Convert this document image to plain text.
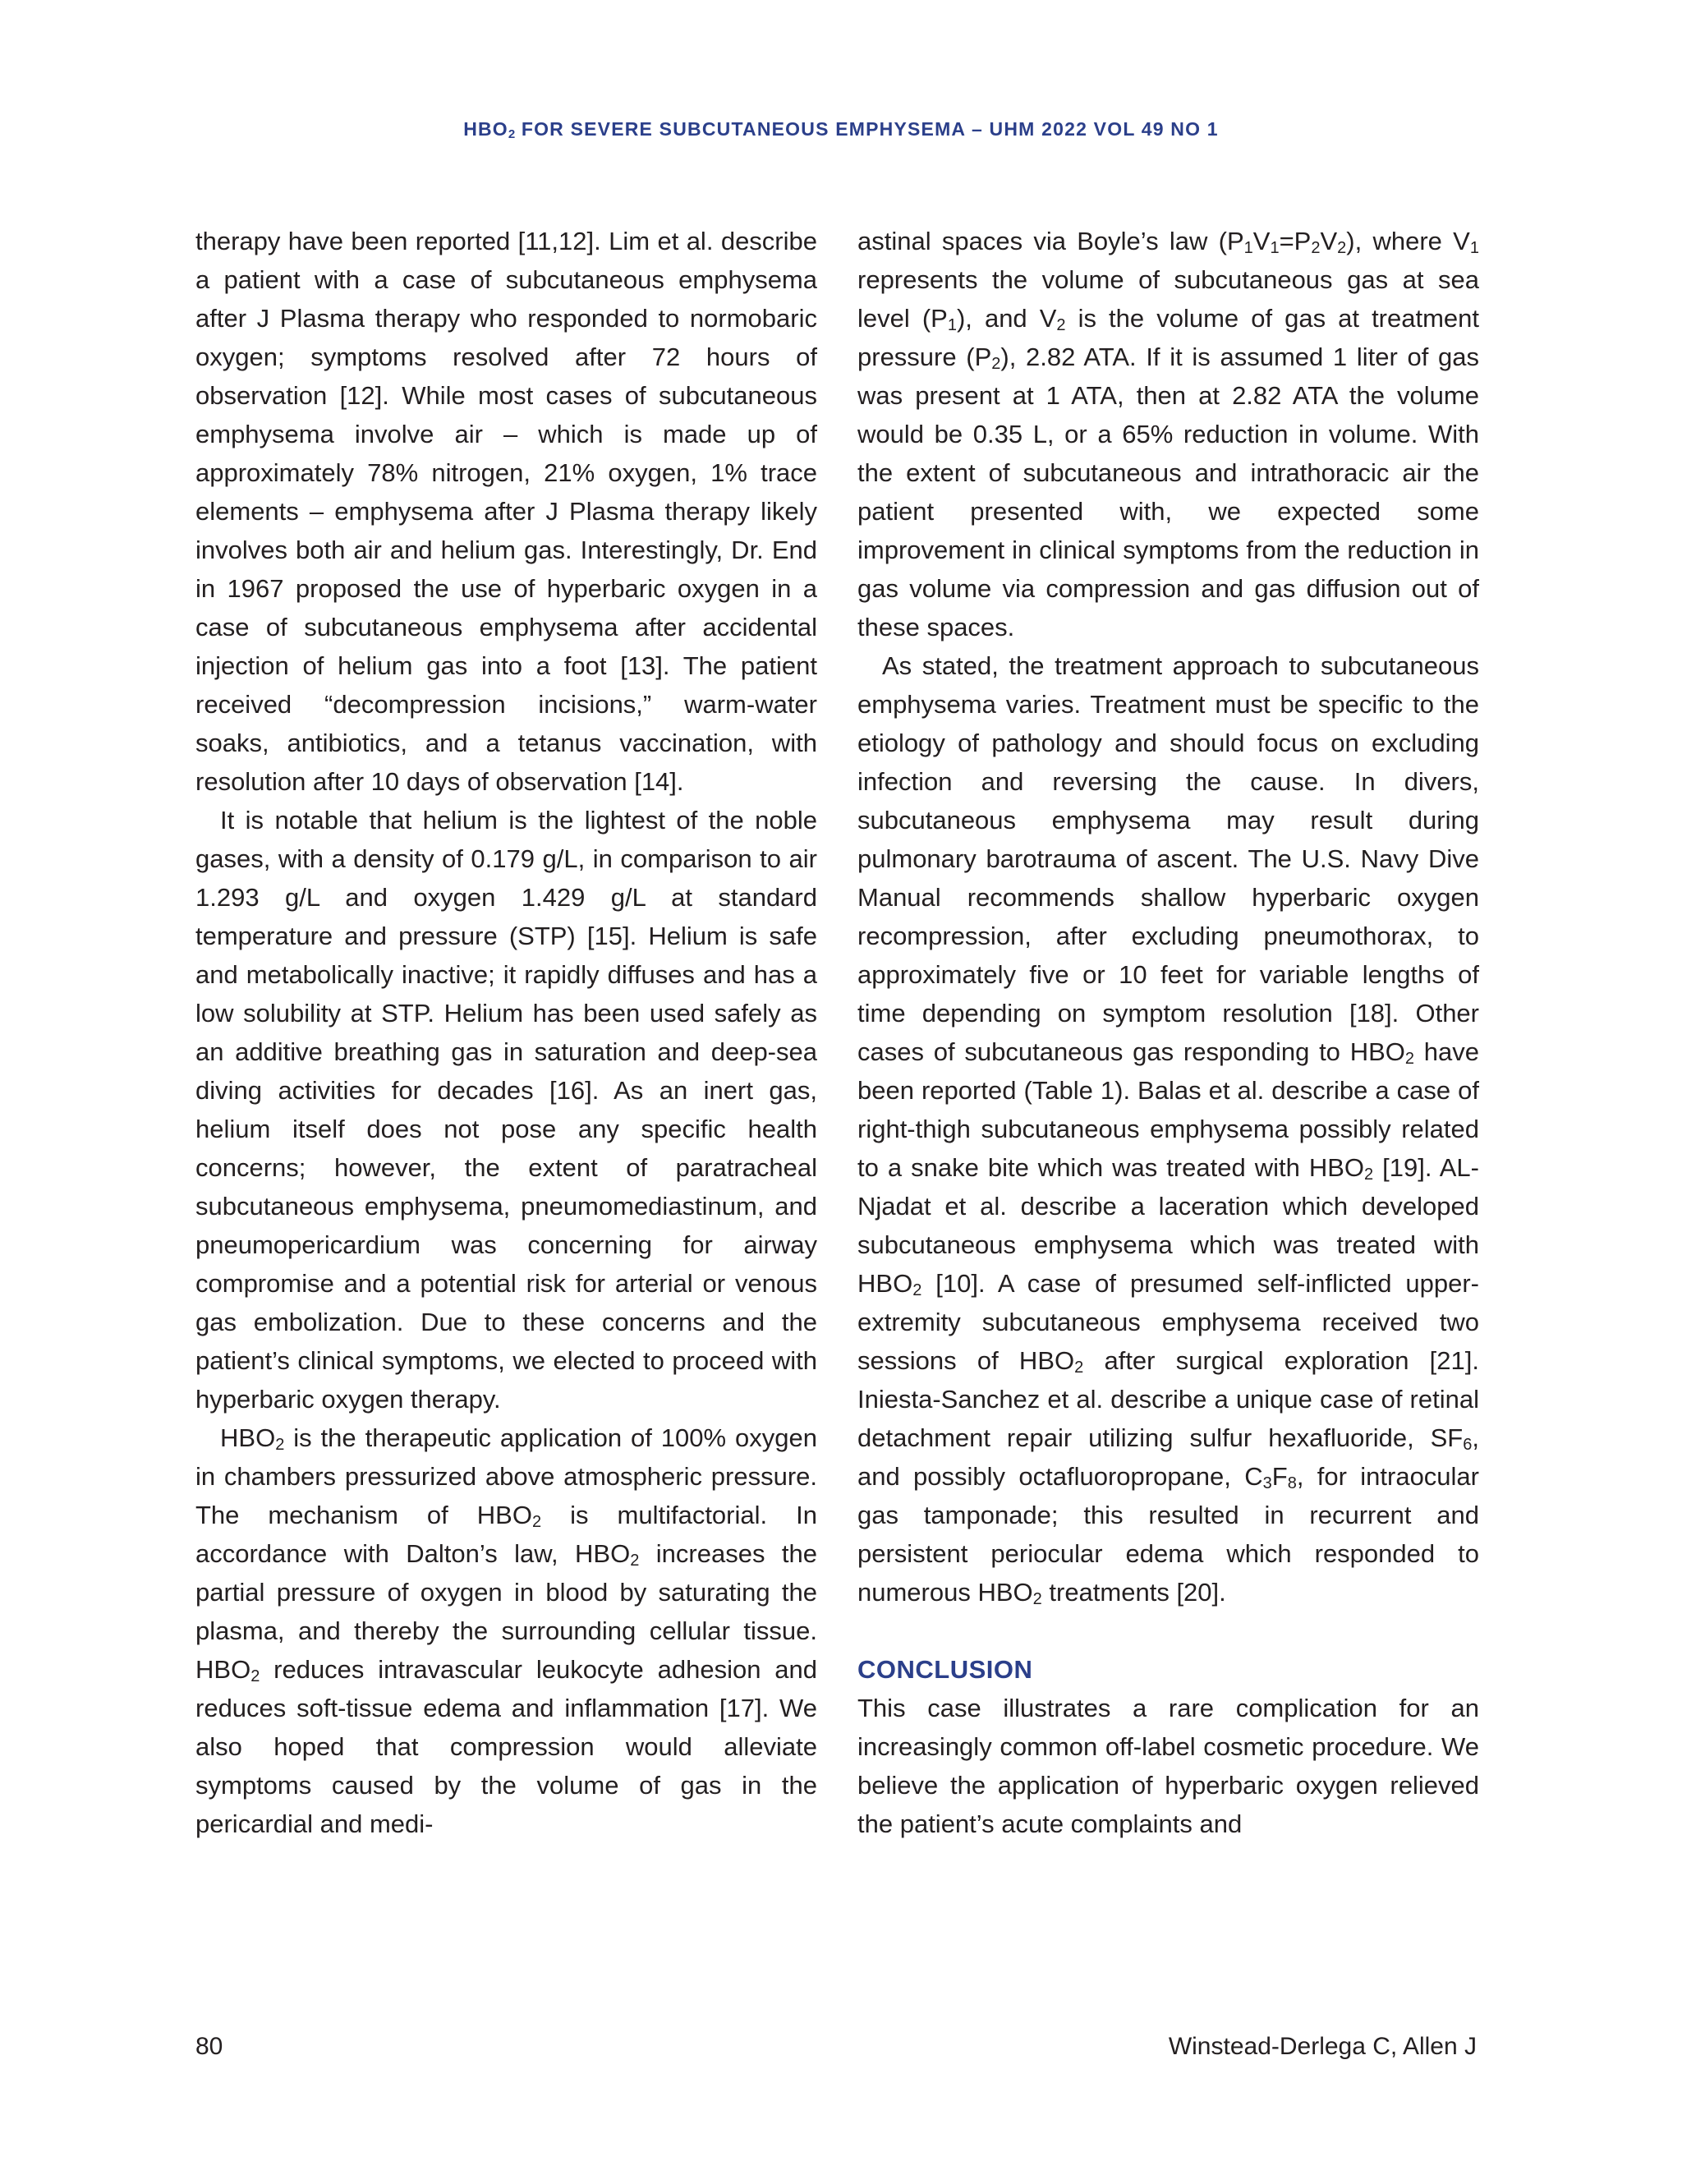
$HBO_2$ FOR SEVERE SUBCUTANEOUS EMPHYSEMA – UHM 2022 VOL 49 NO 1

therapy have been reported [11,12]. Lim et al. describe a patient with a case of subcutaneous emphysema after J Plasma therapy who responded to normobaric oxygen; symptoms resolved after 72 hours of observation [12]. While most cases of subcutaneous emphysema involve air – which is made up of approximately 78% nitrogen, 21% oxygen, 1% trace elements – emphysema after J Plasma therapy likely involves both air and helium gas. Interestingly, Dr. End in 1967 proposed the use of hyperbaric oxygen in a case of subcutaneous emphysema after accidental injection of helium gas into a foot [13]. The patient received “decompression incisions,” warm-water soaks, antibiotics, and a tetanus vaccination, with resolution after 10 days of observation [14].

It is notable that helium is the lightest of the noble gases, with a density of 0.179 g/L, in comparison to air 1.293 g/L and oxygen 1.429 g/L at standard temperature and pressure (STP) [15]. Helium is safe and metabolically inactive; it rapidly diffuses and has a low solubility at STP. Helium has been used safely as an additive breathing gas in saturation and deep-sea diving activities for decades [16]. As an inert gas, helium itself does not pose any specific health concerns; however, the extent of paratracheal subcutaneous emphysema, pneumomediastinum, and pneumopericardium was concerning for airway compromise and a potential risk for arterial or venous gas embolization. Due to these concerns and the patient’s clinical symptoms, we elected to proceed with hyperbaric oxygen therapy.

$HBO_2$ is the therapeutic application of 100% oxygen in chambers pressurized above atmospheric pressure. The mechanism of $HBO_2$ is multifactorial. In accordance with Dalton’s law, $HBO_2$ increases the partial pressure of oxygen in blood by saturating the plasma, and thereby the surrounding cellular tissue. $HBO_2$ reduces intravascular leukocyte adhesion and reduces soft-tissue edema and inflammation [17]. We also hoped that compression would alleviate symptoms caused by the volume of gas in the pericardial and medi-

astinal spaces via Boyle’s law $(P_1V_1=P_2V_2)$, where $V_1$ represents the volume of subcutaneous gas at sea level $(P_1)$, and $V_2$ is the volume of gas at treatment pressure $(P_2)$, 2.82 ATA. If it is assumed 1 liter of gas was present at 1 ATA, then at 2.82 ATA the volume would be 0.35 L, or a 65% reduction in volume. With the extent of subcutaneous and intrathoracic air the patient presented with, we expected some improvement in clinical symptoms from the reduction in gas volume via compression and gas diffusion out of these spaces.

As stated, the treatment approach to subcutaneous emphysema varies. Treatment must be specific to the etiology of pathology and should focus on excluding infection and reversing the cause. In divers, subcutaneous emphysema may result during pulmonary barotrauma of ascent. The U.S. Navy Dive Manual recommends shallow hyperbaric oxygen recompression, after excluding pneumothorax, to approximately five or 10 feet for variable lengths of time depending on symptom resolution [18]. Other cases of subcutaneous gas responding to $HBO_2$ have been reported (Table 1). Balas et al. describe a case of right-thigh subcutaneous emphysema possibly related to a snake bite which was treated with $HBO_2$ [19]. AL-Njadat et al. describe a laceration which developed subcutaneous emphysema which was treated with $HBO_2$ [10]. A case of presumed self-inflicted upper-extremity subcutaneous emphysema received two sessions of $HBO_2$ after surgical exploration [21]. Iniesta-Sanchez et al. describe a unique case of retinal detachment repair utilizing sulfur hexafluoride, $SF_6$, and possibly octafluoropropane, $C_3F_8$, for intraocular gas tamponade; this resulted in recurrent and persistent periocular edema which responded to numerous $HBO_2$ treatments [20].

CONCLUSION

This case illustrates a rare complication for an increasingly common off-label cosmetic procedure. We believe the application of hyperbaric oxygen relieved the patient’s acute complaints and

80	Winstead-Derlega C, Allen J
